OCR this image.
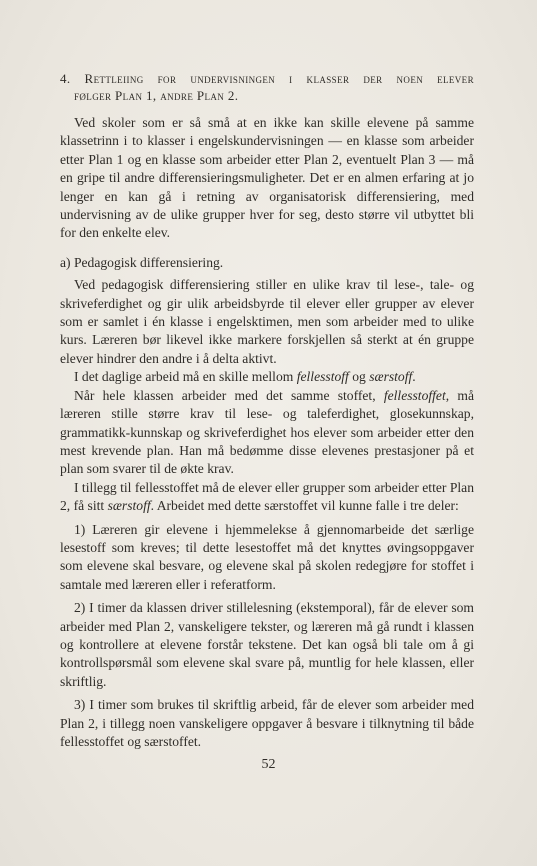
4. Rettleiing for undervisningen i klasser der noen elever
følger Plan 1, andre Plan 2.

Ved skoler som er så små at en ikke kan skille elevene på samme klassetrinn i to klasser i engelskundervisningen — en klasse som arbeider etter Plan 1 og en klasse som arbeider etter Plan 2, eventuelt Plan 3 — må en gripe til andre differensieringsmuligheter. Det er en almen erfaring at jo lenger en kan gå i retning av organisatorisk differensiering, med undervisning av de ulike grupper hver for seg, desto større vil utbyttet bli for den enkelte elev.

a) Pedagogisk differensiering.

Ved pedagogisk differensiering stiller en ulike krav til lese-, tale- og skriveferdighet og gir ulik arbeidsbyrde til elever eller grupper av elever som er samlet i én klasse i engelsktimen, men som arbeider med to ulike kurs. Læreren bør likevel ikke markere forskjellen så sterkt at én gruppe elever hindrer den andre i å delta aktivt.

I det daglige arbeid må en skille mellom fellesstoff og særstoff.

Når hele klassen arbeider med det samme stoffet, fellesstoffet, må læreren stille større krav til lese- og taleferdighet, glosekunnskap, grammatikk-kunnskap og skriveferdighet hos elever som arbeider etter den mest krevende plan. Han må bedømme disse elevenes prestasjoner på et plan som svarer til de økte krav.

I tillegg til fellesstoffet må de elever eller grupper som arbeider etter Plan 2, få sitt særstoff. Arbeidet med dette særstoffet vil kunne falle i tre deler:

1) Læreren gir elevene i hjemmelekse å gjennomarbeide det særlige lesestoff som kreves; til dette lesestoffet må det knyttes øvingsoppgaver som elevene skal besvare, og elevene skal på skolen redegjøre for stoffet i samtale med læreren eller i referatform.

2) I timer da klassen driver stillelesning (ekstemporal), får de elever som arbeider med Plan 2, vanskeligere tekster, og læreren må gå rundt i klassen og kontrollere at elevene forstår tekstene. Det kan også bli tale om å gi kontrollspørsmål som elevene skal svare på, muntlig for hele klassen, eller skriftlig.

3) I timer som brukes til skriftlig arbeid, får de elever som arbeider med Plan 2, i tillegg noen vanskeligere oppgaver å besvare i tilknytning til både fellesstoffet og særstoffet.

52
